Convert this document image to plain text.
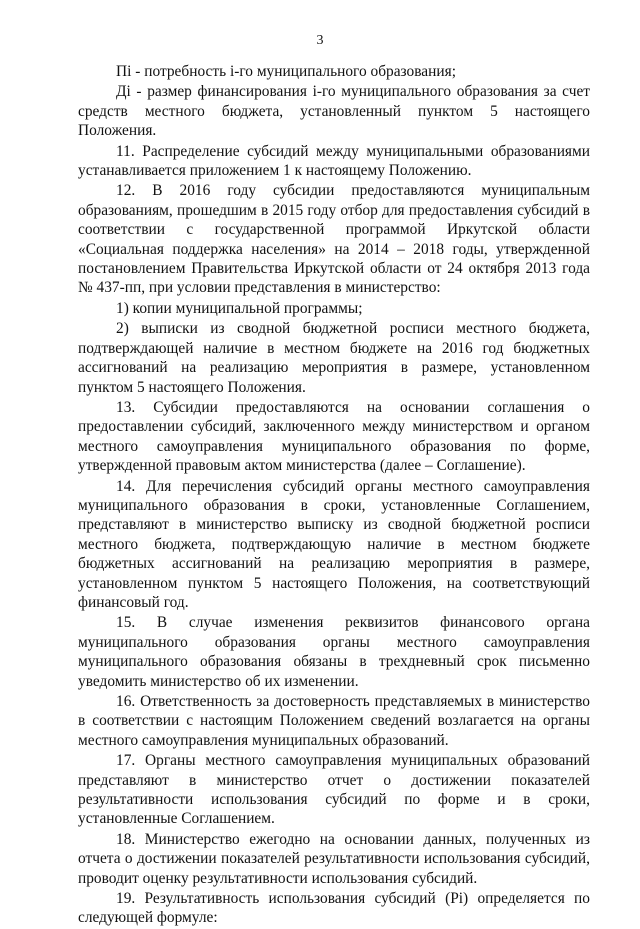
3

Пi - потребность i-го муниципального образования;

Дi - размер финансирования i-го муниципального образования за счет средств местного бюджета, установленный пунктом 5 настоящего Положения.

11. Распределение субсидий между муниципальными образованиями устанавливается приложением 1 к настоящему Положению.

12. В 2016 году субсидии предоставляются муниципальным образованиям, прошедшим в 2015 году отбор для предоставления субсидий в соответствии с государственной программой Иркутской области «Социальная поддержка населения» на 2014 – 2018 годы, утвержденной постановлением Правительства Иркутской области от 24 октября 2013 года № 437-пп, при условии представления в министерство:

1) копии муниципальной программы;

2) выписки из сводной бюджетной росписи местного бюджета, подтверждающей наличие в местном бюджете на 2016 год бюджетных ассигнований на реализацию мероприятия в размере, установленном пунктом 5 настоящего Положения.

13. Субсидии предоставляются на основании соглашения о предоставлении субсидий, заключенного между министерством и органом местного самоуправления муниципального образования по форме, утвержденной правовым актом министерства (далее – Соглашение).

14. Для перечисления субсидий органы местного самоуправления муниципального образования в сроки, установленные Соглашением, представляют в министерство выписку из сводной бюджетной росписи местного бюджета, подтверждающую наличие в местном бюджете бюджетных ассигнований на реализацию мероприятия в размере, установленном пунктом 5 настоящего Положения, на соответствующий финансовый год.

15. В случае изменения реквизитов финансового органа муниципального образования органы местного самоуправления муниципального образования обязаны в трехдневный срок письменно уведомить министерство об их изменении.

16. Ответственность за достоверность представляемых в министерство в соответствии с настоящим Положением сведений возлагается на органы местного самоуправления муниципальных образований.

17. Органы местного самоуправления муниципальных образований представляют в министерство отчет о достижении показателей результативности использования субсидий по форме и в сроки, установленные Соглашением.

18. Министерство ежегодно на основании данных, полученных из отчета о достижении показателей результативности использования субсидий, проводит оценку результативности использования субсидий.

19. Результативность использования субсидий (Pi) определяется по следующей формуле:
